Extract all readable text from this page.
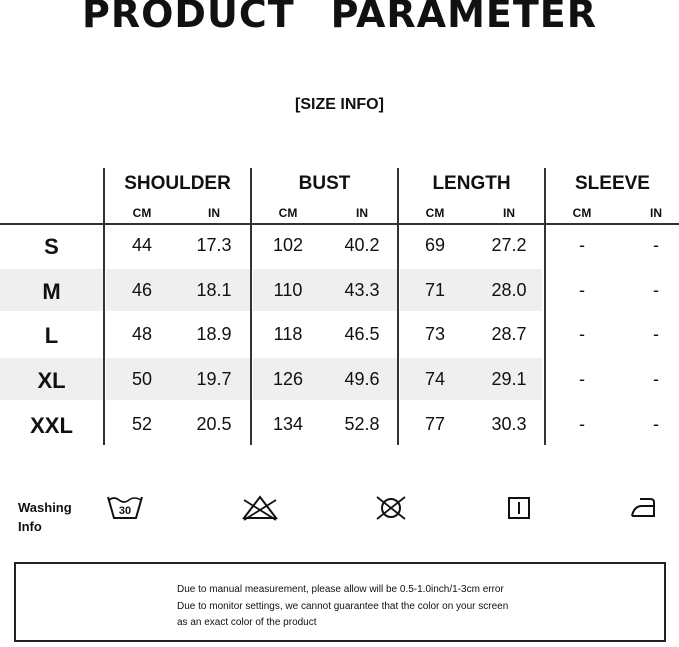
PRODUCT PARAMETER
[SIZE INFO]
SHOULDER	BUST	LENGTH	SLEEVE
CM	IN	CM	IN	CM	IN	CM	IN
S	44	17.3	102	40.2	69	27.2	-	-
M	46	18.1	110	43.3	71	28.0	-	-
L	48	18.9	118	46.5	73	28.7	-	-
XL	50	19.7	126	49.6	74	29.1	-	-
XXL	52	20.5	134	52.8	77	30.3	-	-
Washing
Info
30

Due to manual measurement, please allow will be 0.5-1.0inch/1-3cm error

Due to monitor settings, we cannot guarantee that the color on your screen

as an exact color of the product
